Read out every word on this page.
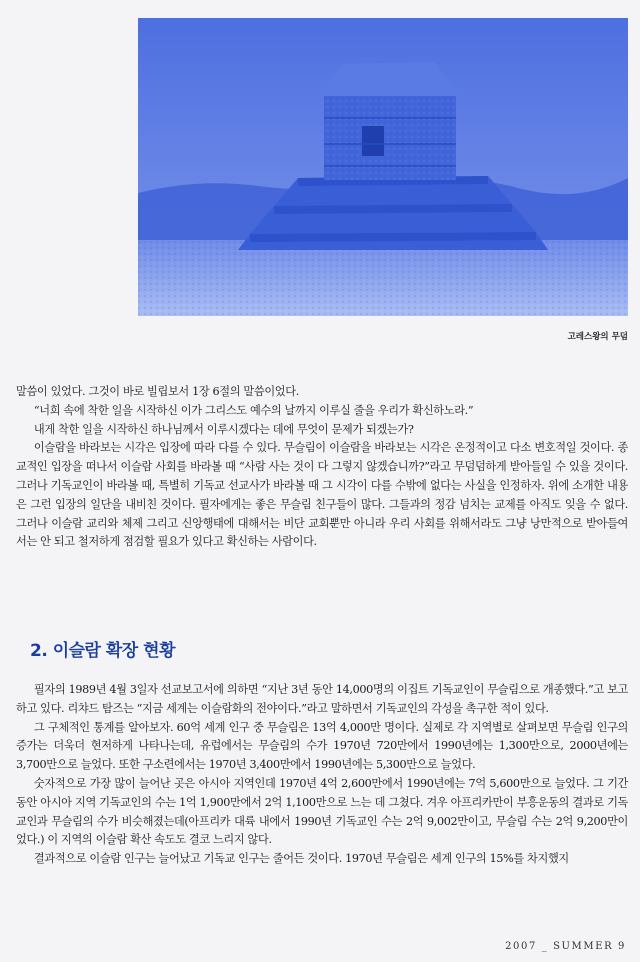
고레스왕의 무덤

말씀이 있었다. 그것이 바로 빌립보서 1장 6절의 말씀이었다.

“너희 속에 착한 일을 시작하신 이가 그리스도 예수의 날까지 이루실 줄을 우리가 확신하노라.”

내게 착한 일을 시작하신 하나님께서 이루시겠다는 데에 무엇이 문제가 되겠는가?

이슬람을 바라보는 시각은 입장에 따라 다를 수 있다. 무슬림이 이슬람을 바라보는 시각은 온정적이고 다소 변호적일 것이다. 종교적인 입장을 떠나서 이슬람 사회를 바라볼 때 “사람 사는 것이 다 그렇지 않겠습니까?”라고 무덤덤하게 받아들일 수 있을 것이다. 그러나 기독교인이 바라볼 때, 특별히 기독교 선교사가 바라볼 때 그 시각이 다를 수밖에 없다는 사실을 인정하자. 위에 소개한 내용은 그런 입장의 일단을 내비친 것이다. 필자에게는 좋은 무슬림 친구들이 많다. 그들과의 정감 넘치는 교제를 아직도 잊을 수 없다. 그러나 이슬람 교리와 체제 그리고 신앙행태에 대해서는 비단 교회뿐만 아니라 우리 사회를 위해서라도 그냥 낭만적으로 받아들여서는 안 되고 철저하게 점검할 필요가 있다고 확신하는 사람이다.

2. 이슬람 확장 현황

필자의 1989년 4월 3일자 선교보고서에 의하면 “지난 3년 동안 14,000명의 이집트 기독교인이 무슬림으로 개종했다.”고 보고하고 있다. 리챠드 탐즈는 “지금 세계는 이슬람화의 전야이다.”라고 말하면서 기독교인의 각성을 촉구한 적이 있다.

그 구체적인 통계를 알아보자. 60억 세계 인구 중 무슬림은 13억 4,000만 명이다. 실제로 각 지역별로 살펴보면 무슬림 인구의 증가는 더욱더 현저하게 나타나는데, 유럽에서는 무슬림의 수가 1970년 720만에서 1990년에는 1,300만으로, 2000년에는 3,700만으로 늘었다. 또한 구소련에서는 1970년 3,400만에서 1990년에는 5,300만으로 늘었다.

숫자적으로 가장 많이 늘어난 곳은 아시아 지역인데 1970년 4억 2,600만에서 1990년에는 7억 5,600만으로 늘었다. 그 기간 동안 아시아 지역 기독교인의 수는 1억 1,900만에서 2억 1,100만으로 느는 데 그쳤다. 겨우 아프리카만이 부흥운동의 결과로 기독교인과 무슬림의 수가 비슷해졌는데(아프리카 대륙 내에서 1990년 기독교인 수는 2억 9,002만이고, 무슬림 수는 2억 9,200만이었다.) 이 지역의 이슬람 확산 속도도 결코 느리지 않다.

결과적으로 이슬람 인구는 늘어났고 기독교 인구는 줄어든 것이다. 1970년 무슬림은 세계 인구의 15%를 차지했지

2007 _ SUMMER 9
